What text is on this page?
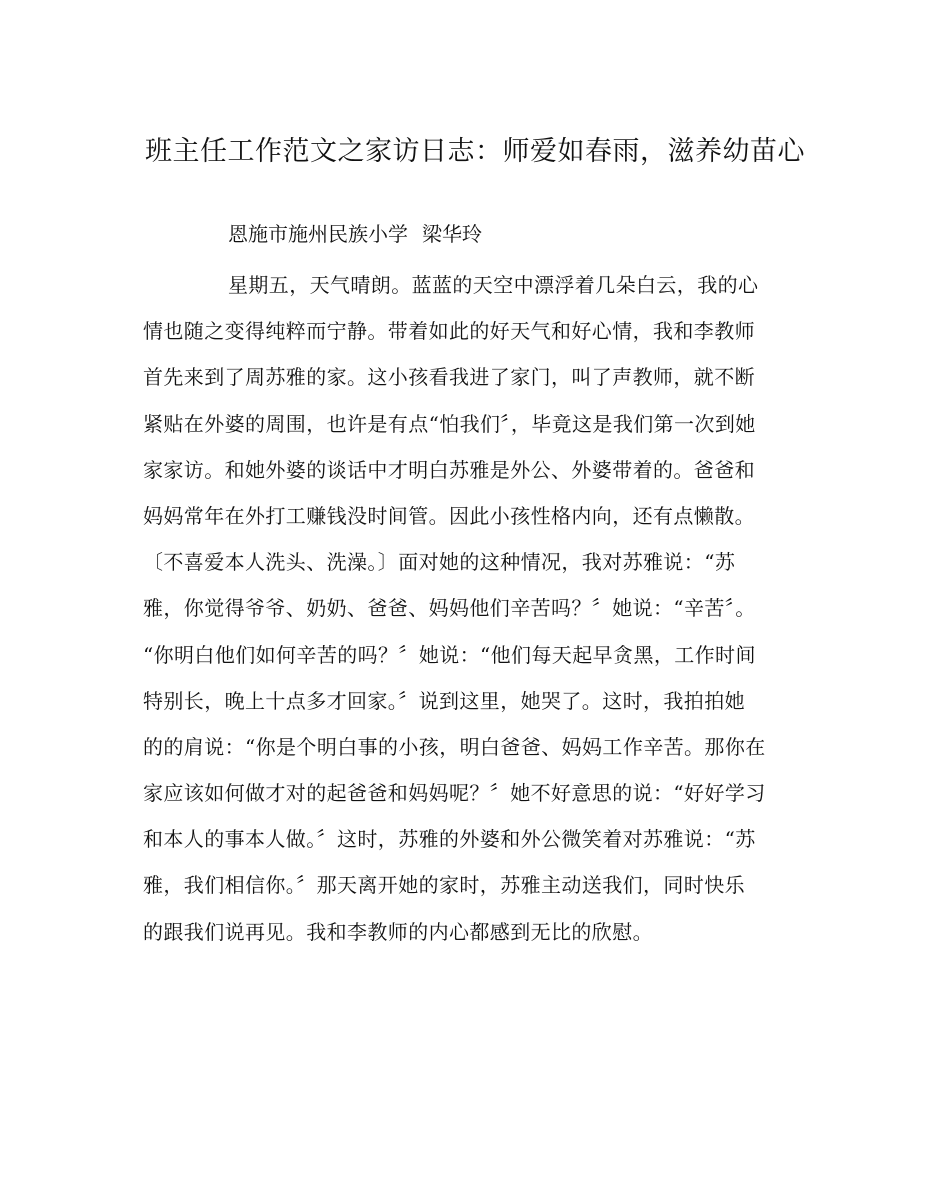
班主任工作范文之家访日志：师爱如春雨，滋养幼苗心

恩施市施州民族小学 梁华玲

星期五，天气晴朗。蓝蓝的天空中漂浮着几朵白云，我的心
情也随之变得纯粹而宁静。带着如此的好天气和好心情，我和李教师
首先来到了周苏雅的家。这小孩看我进了家门，叫了声教师，就不断
紧贴在外婆的周围，也许是有点“怕我们〞，毕竟这是我们第一次到她
家家访。和她外婆的谈话中才明白苏雅是外公、外婆带着的。爸爸和
妈妈常年在外打工赚钱没时间管。因此小孩性格内向，还有点懒散。
〔不喜爱本人洗头、洗澡。〕面对她的这种情况，我对苏雅说：“苏
雅，你觉得爷爷、奶奶、爸爸、妈妈他们辛苦吗？〞她说：“辛苦〞。
“你明白他们如何辛苦的吗？〞她说：“他们每天起早贪黑，工作时间
特别长，晚上十点多才回家。〞说到这里，她哭了。这时，我拍拍她
的的肩说：“你是个明白事的小孩，明白爸爸、妈妈工作辛苦。那你在
家应该如何做才对的起爸爸和妈妈呢？〞她不好意思的说：“好好学习
和本人的事本人做。〞这时，苏雅的外婆和外公微笑着对苏雅说：“苏
雅，我们相信你。〞那天离开她的家时，苏雅主动送我们，同时快乐
的跟我们说再见。我和李教师的内心都感到无比的欣慰。
